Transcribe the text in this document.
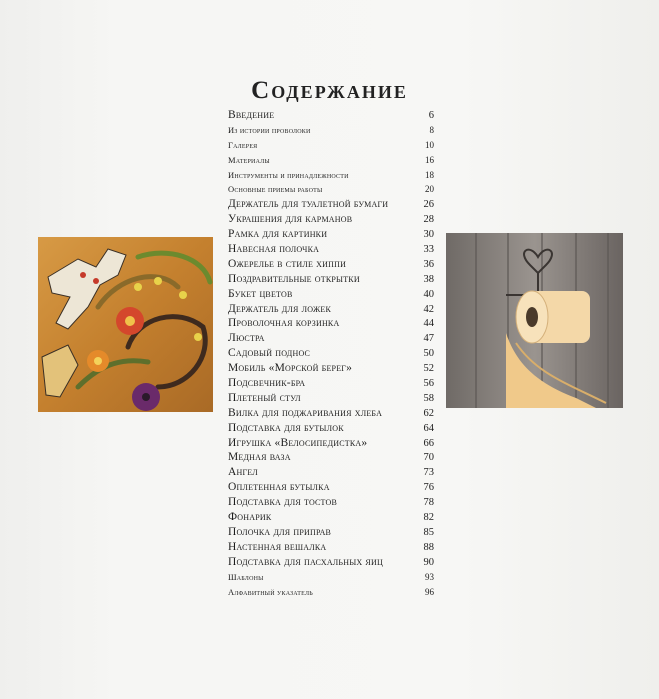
Содержание
Введение	6
Из истории проволоки	8
Галерея	10
Материалы	16
Инструменты и принадлежности	18
Основные приемы работы	20
Держатель для туалетной бумаги	26
Украшения для карманов	28
Рамка для картинки	30
Навесная полочка	33
Ожерелье в стиле хиппи	36
Поздравительные открытки	38
Букет цветов	40
Держатель для ложек	42
Проволочная корзинка	44
Люстра	47
Садовый поднос	50
Мобиль «Морской берег»	52
Подсвечник-бра	56
Плетеный стул	58
Вилка для поджаривания хлеба	62
Подставка для бутылок	64
Игрушка «Велосипедистка»	66
Медная ваза	70
Ангел	73
Оплетенная бутылка	76
Подставка для тостов	78
Фонарик	82
Полочка для приправ	85
Настенная вешалка	88
Подставка для пасхальных яиц	90
Шаблоны	93
Алфавитный указатель	96
